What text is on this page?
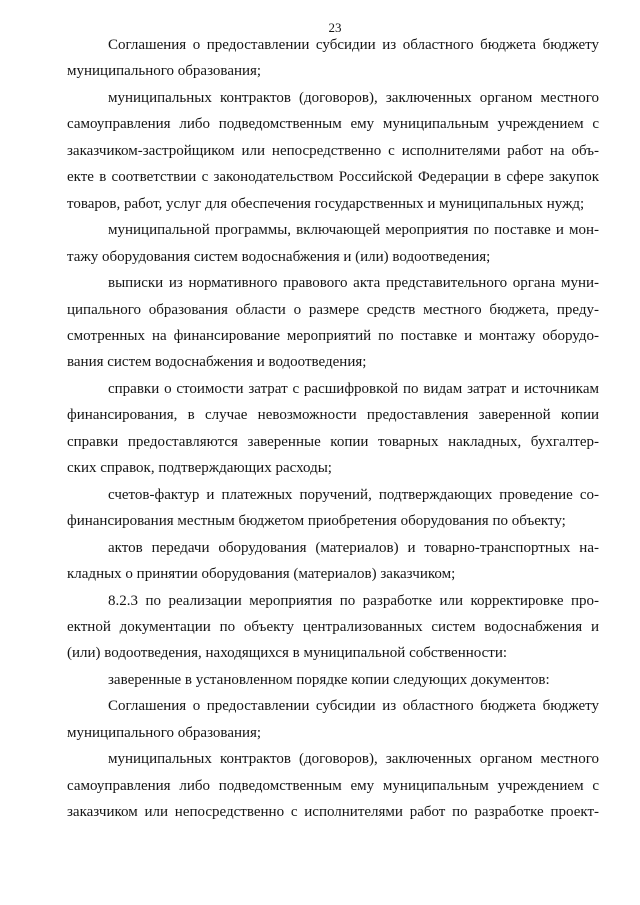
23
Соглашения о предоставлении субсидии из областного бюджета бюджету
муниципального образования;
муниципальных контрактов (договоров), заключенных органом местного
самоуправления либо подведомственным ему муниципальным учреждением с
заказчиком-застройщиком или непосредственно с исполнителями работ на объ-
екте в соответствии с законодательством Российской Федерации в сфере закупок
товаров, работ, услуг для обеспечения государственных и муниципальных нужд;
муниципальной программы, включающей мероприятия по поставке и мон-
тажу оборудования систем водоснабжения и (или) водоотведения;
выписки из нормативного правового акта представительного органа муни-
ципального образования области о размере средств местного бюджета, преду-
смотренных на финансирование мероприятий по поставке и монтажу оборудо-
вания систем водоснабжения и водоотведения;
справки о стоимости затрат с расшифровкой по видам затрат и источникам
финансирования, в случае невозможности предоставления заверенной копии
справки предоставляются заверенные копии товарных накладных, бухгалтер-
ских справок, подтверждающих расходы;
счетов-фактур и платежных поручений, подтверждающих проведение со-
финансирования местным бюджетом приобретения оборудования по объекту;
актов передачи оборудования (материалов) и товарно-транспортных на-
кладных о принятии оборудования (материалов) заказчиком;
8.2.3 по реализации мероприятия по разработке или корректировке про-
ектной документации по объекту централизованных систем водоснабжения и
(или) водоотведения, находящихся в муниципальной собственности:
заверенные в установленном порядке копии следующих документов:
Соглашения о предоставлении субсидии из областного бюджета бюджету
муниципального образования;
муниципальных контрактов (договоров), заключенных органом местного
самоуправления либо подведомственным ему муниципальным учреждением с
заказчиком или непосредственно с исполнителями работ по разработке проект-
